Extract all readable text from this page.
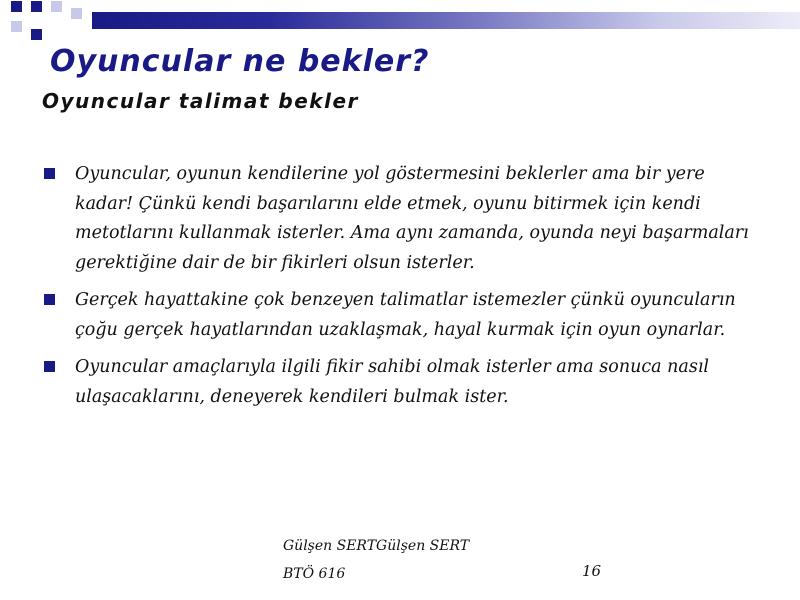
Oyuncular ne bekler?
Oyuncular talimat bekler
Oyuncular, oyunun kendilerine yol göstermesini beklerler ama bir yere kadar! Çünkü kendi başarılarını elde etmek, oyunu bitirmek için kendi metotlarını kullanmak isterler. Ama aynı zamanda, oyunda neyi başarmaları gerektiğine dair de bir fikirleri olsun isterler.
Gerçek hayattakine çok benzeyen talimatlar istemezler çünkü oyuncuların çoğu gerçek hayatlarından uzaklaşmak, hayal kurmak için oyun oynarlar.
Oyuncular amaçlarıyla ilgili fikir sahibi olmak isterler ama sonuca nasıl ulaşacaklarını, deneyerek kendileri bulmak ister.
Gülşen SERTGülşen SERT
BTÖ 616	16
